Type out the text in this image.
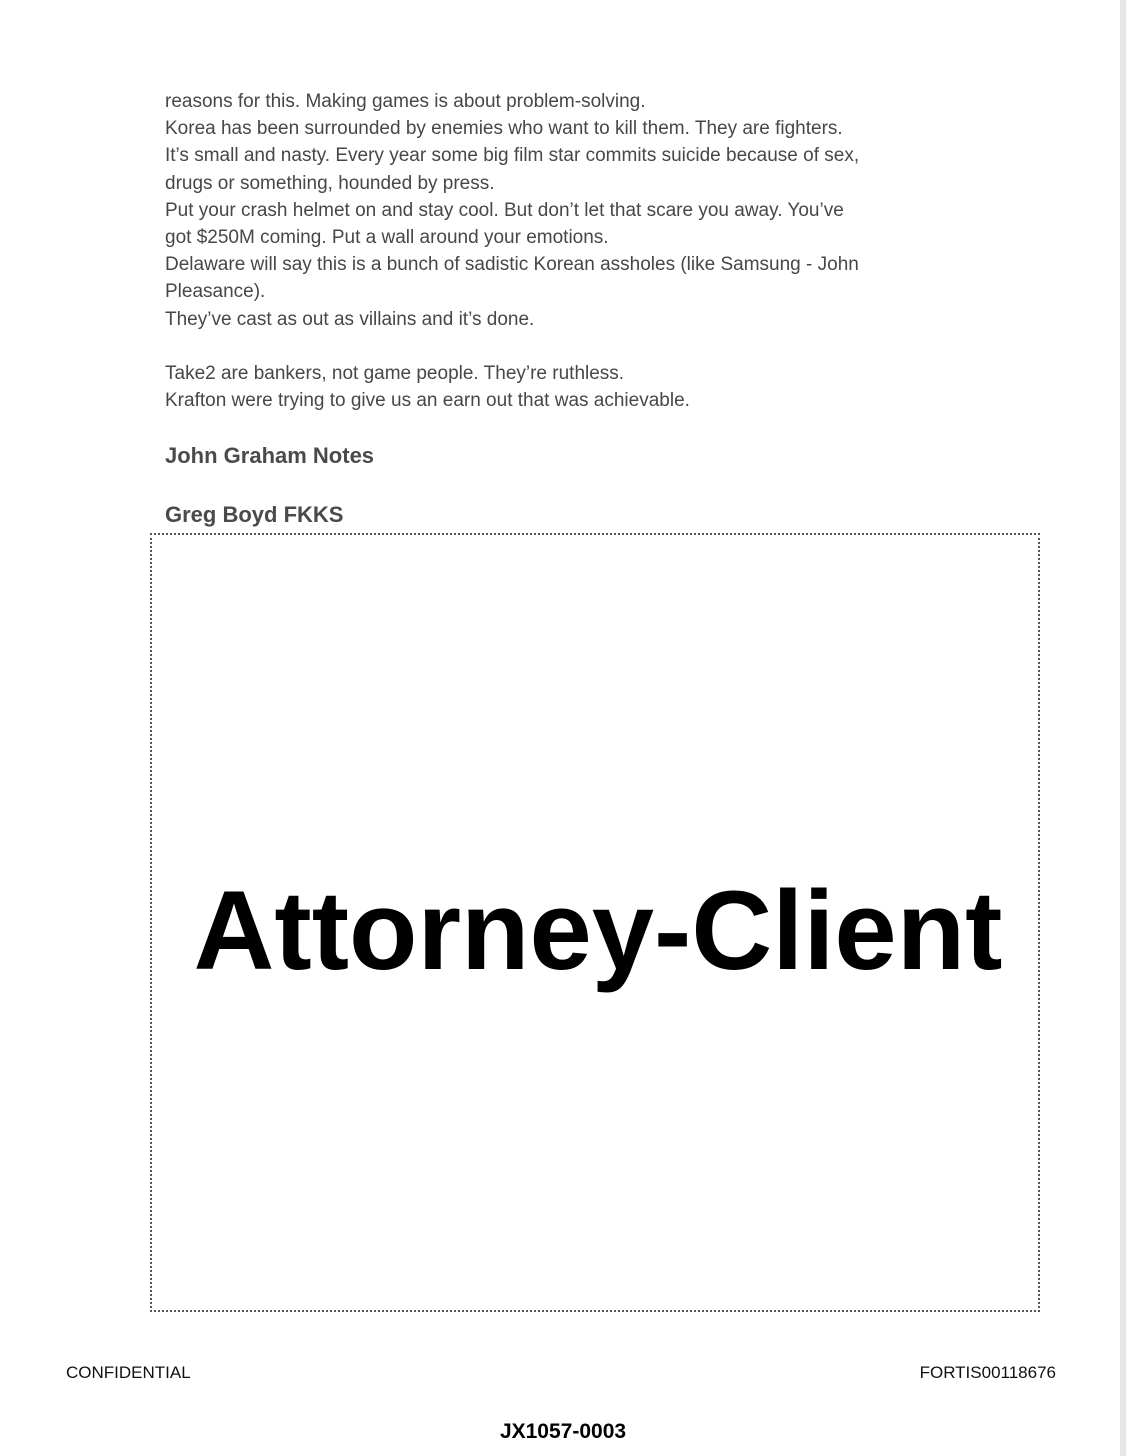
reasons for this. Making games is about problem-solving.
Korea has been surrounded by enemies who want to kill them. They are fighters.
It’s small and nasty. Every year some big film star commits suicide because of sex,
drugs or something, hounded by press.
Put your crash helmet on and stay cool. But don’t let that scare you away. You’ve
got $250M coming. Put a wall around your emotions.
Delaware will say this is a bunch of sadistic Korean assholes (like Samsung - John
Pleasance).
They’ve cast as out as villains and it’s done.
Take2 are bankers, not game people. They’re ruthless.
Krafton were trying to give us an earn out that was achievable.
John Graham Notes
Greg Boyd FKKS
Attorney-Client
CONFIDENTIAL	FORTIS00118676
JX1057-0003
